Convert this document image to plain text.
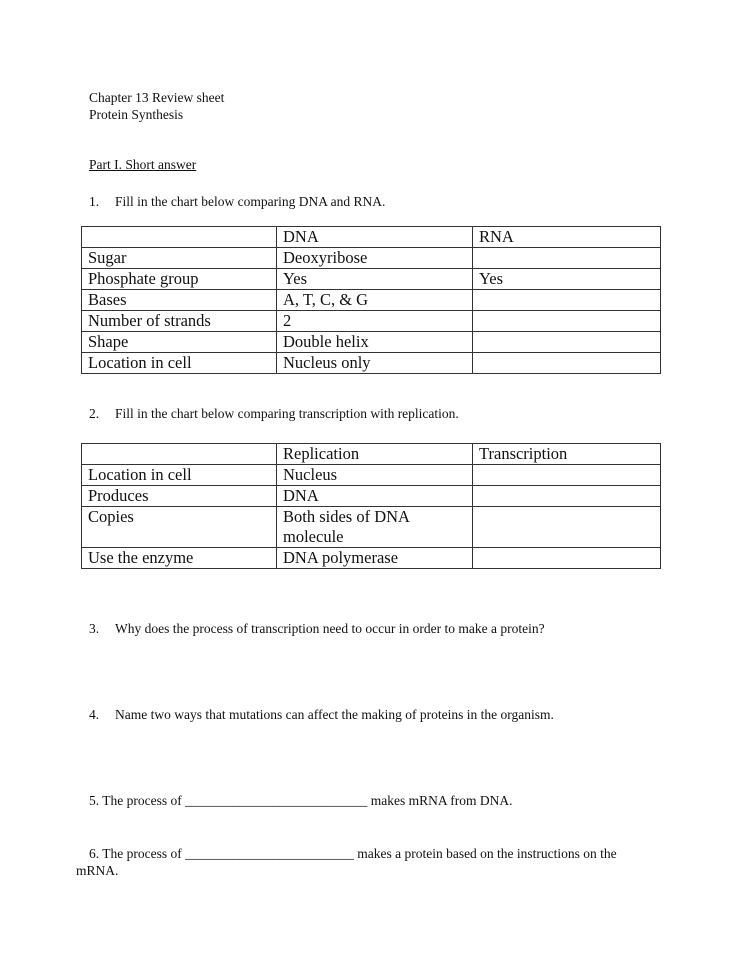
Chapter 13 Review sheet
Protein Synthesis
Part I. Short answer
1. Fill in the chart below comparing DNA and RNA.
	DNA	RNA
Sugar	Deoxyribose	
Phosphate group	Yes	Yes
Bases	A, T, C, & G	
Number of strands	2	
Shape	Double helix	
Location in cell	Nucleus only	
2. Fill in the chart below comparing transcription with replication.
	Replication	Transcription
Location in cell	Nucleus	
Produces	DNA	
Copies	Both sides of DNA
molecule	

Use the enzyme	DNA polymerase	
3. Why does the process of transcription need to occur in order to make a protein?
4. Name two ways that mutations can affect the making of proteins in the organism.
5. The process of ___________________________ makes mRNA from DNA.
6. The process of _________________________ makes a protein based on the instructions on the
mRNA.
